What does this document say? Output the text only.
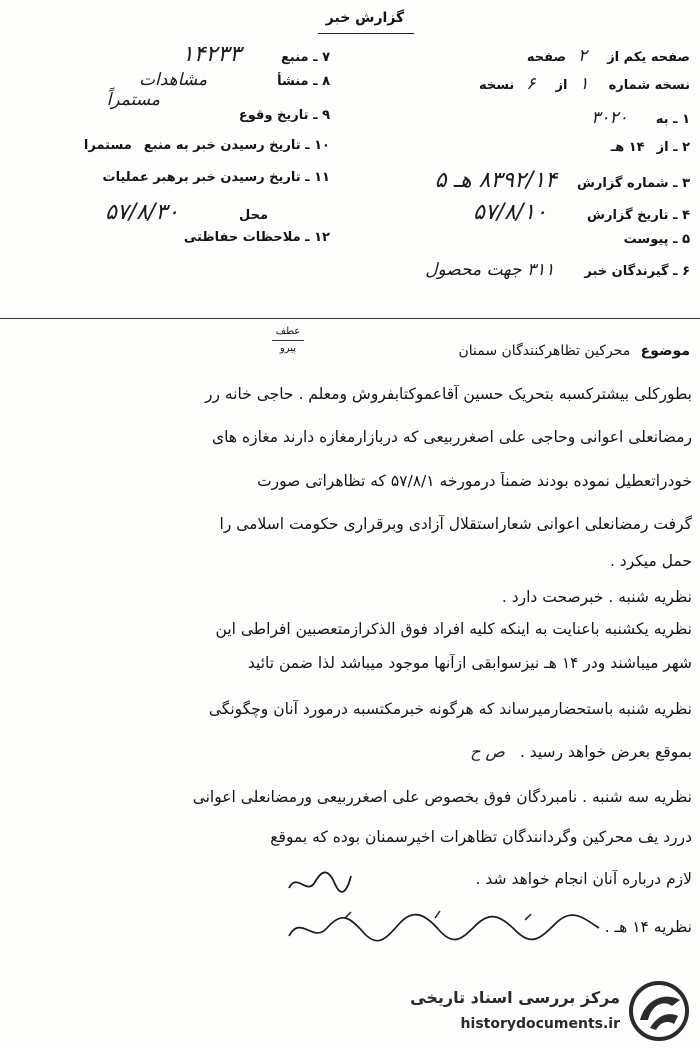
گزارش خبر
صفحه یکم از
۲
صفحه
نسخه شماره
۱
از
۶
نسخه
۱ ـ به
۳۰۲۰
۲ ـ از
۱۴ هـ
۳ ـ شماره گزارش
۸۳۹۲/۱۴ هـ ۵
۴ ـ تاریخ گزارش
۵۷/۸/۱۰
۵ ـ پیوست
۶ ـ گیرندگان خبر
۳۱۱ جهت محصول
۷ ـ منبع
۱۴۲۳۳
۸ ـ منشأ
مشاهدات
مستمراً
۹ ـ تاریخ وقوع
۱۰ ـ تاریخ رسیدن خبر به منبع
مستمرا
۱۱ ـ تاریخ رسیدن خبر برهبر عملیات
محل
۵۷/۸/۳۰
۱۲ ـ ملاحظات حفاظتی
موضوع محرکین تظاهرکنندگان سمنان
عطف
پیرو
بطورکلی بیشترکسبه بتحریک حسین آقاعموکتابفروش ومعلم . حاجی خانه رر
رمضانعلی اعوانی وحاجی علی اصغرربیعی که دربازارمغازه دارند مغازه های
خودراتعطیل نموده بودند ضمناً درمورخه ۵۷/۸/۱ که تظاهراتی صورت
گرفت رمضانعلی اعوانی شعاراستقلال آزادی وبرقراری حکومت اسلامی را
حمل میکرد .
نظریه شنبه . خبرصحت دارد .
نظریه یکشنبه باعنایت به اینکه کلیه افراد فوق الذکرازمتعصبین افراطی این
شهر میباشند ودر ۱۴ هـ نیزسوابقی ازآنها موجود میباشد لذا ضمن تائید
نظریه شنبه باستحضارمیرساند که هرگونه خبرمکتسبه درمورد آنان وچگونگی
بموقع بعرض خواهد رسید . ص ح
نظریه سه شنبه . نامبردگان فوق بخصوص علی اصغرربیعی ورمضانعلی اعوانی
دررد یف محرکین وگردانندگان تظاهرات اخیرسمنان بوده که بموقع
لازم درباره آنان انجام خواهد شد .
نظریه ۱۴ هـ .
مرکز بررسی اسناد تاریخی
historydocuments.ir
